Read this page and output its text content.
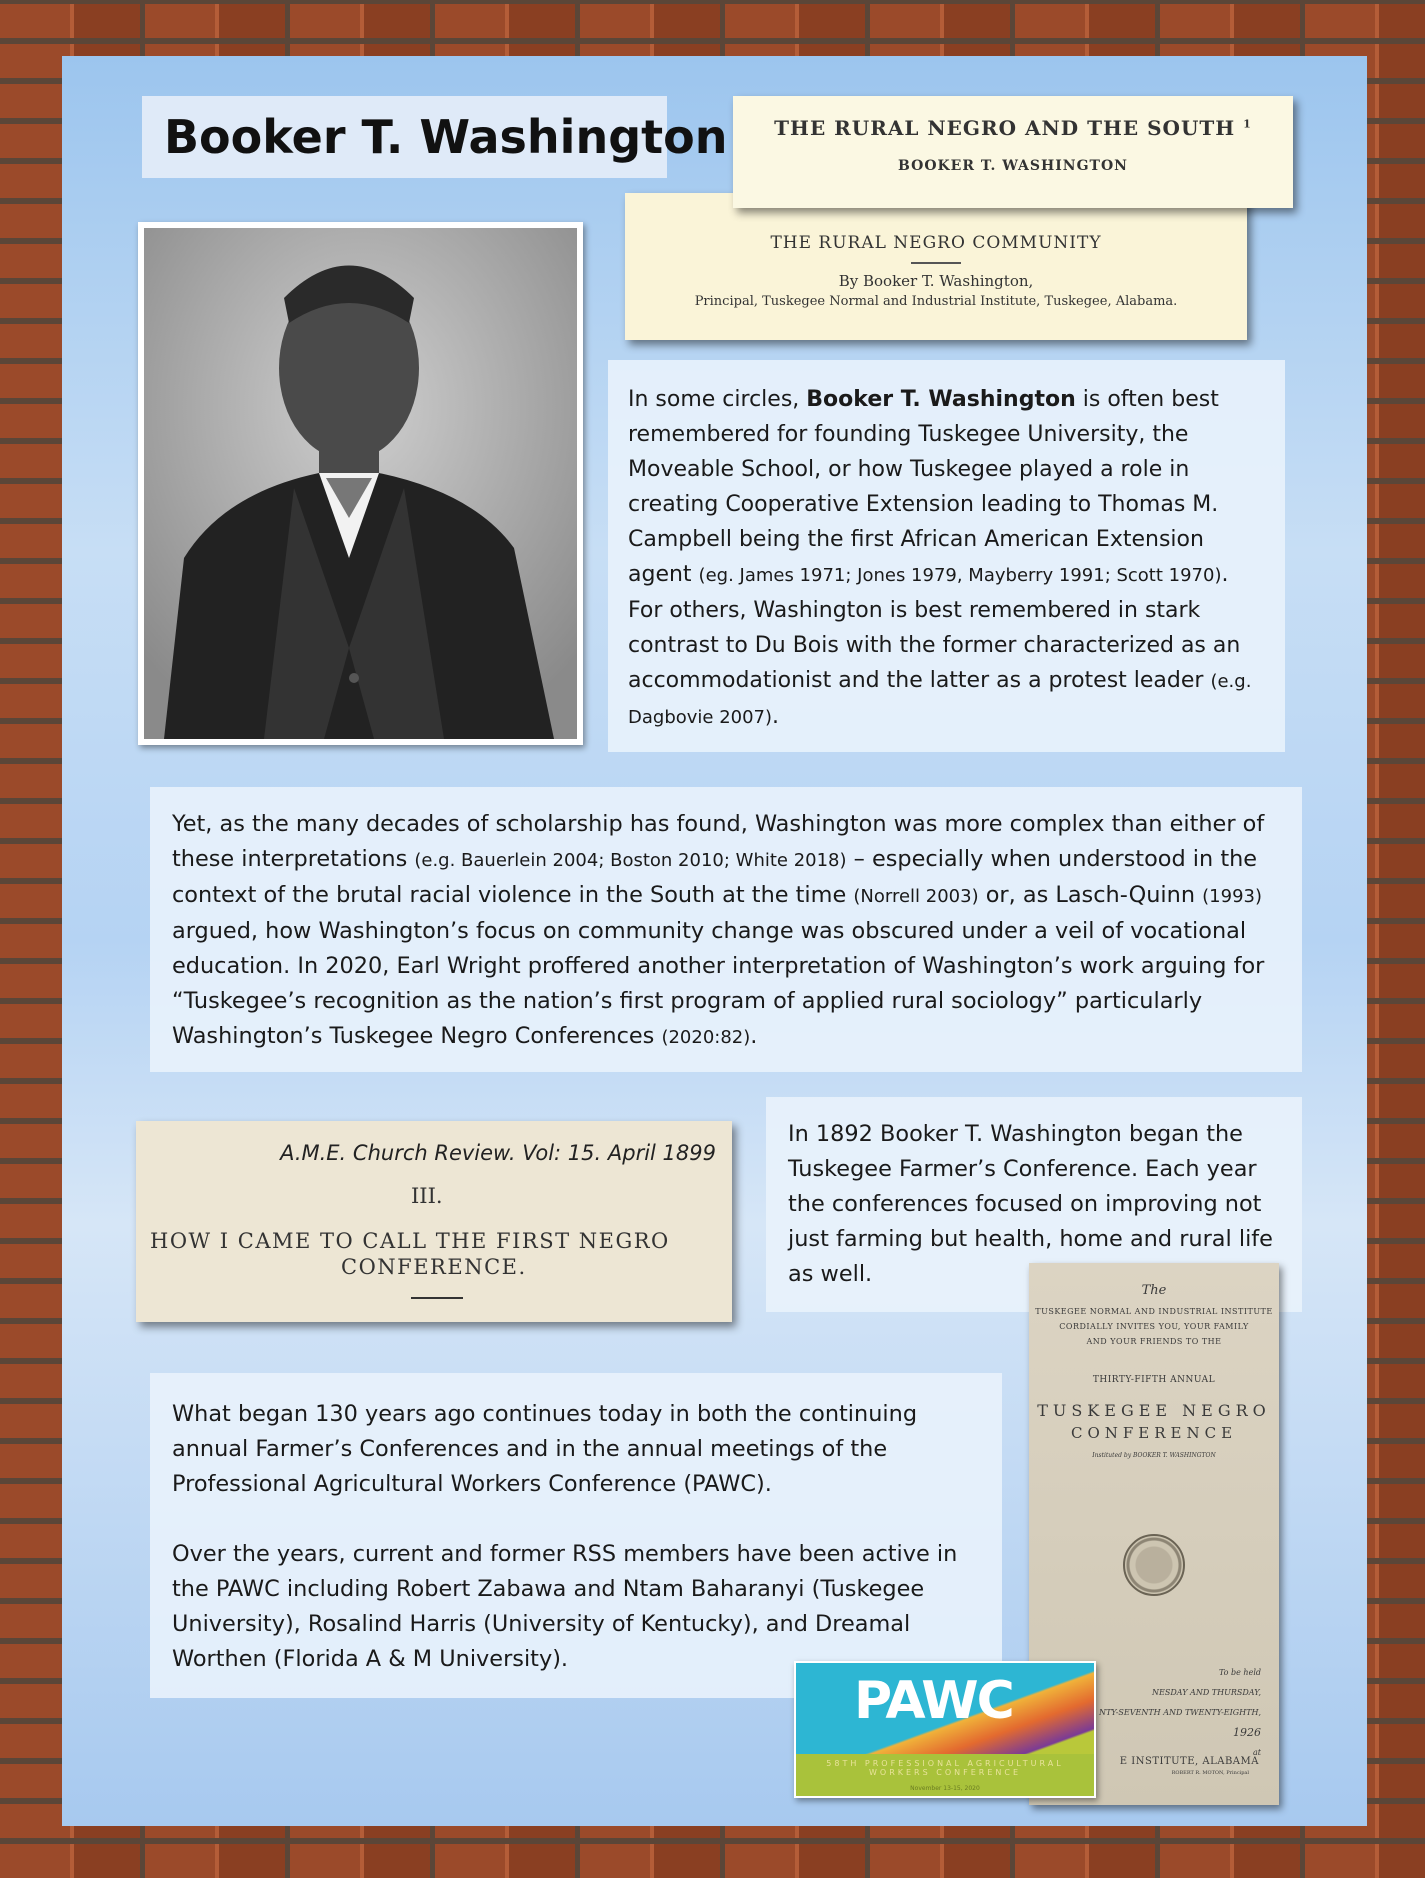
Booker T. Washington	THE RURAL NEGRO AND THE SOUTH $^1$
BOOKER T. WASHINGTON
THE RURAL NEGRO COMMUNITY
By Booker T. Washington,
Principal, Tuskegee Normal and Industrial Institute, Tuskegee, Alabama.
In some circles, Booker T. Washington is often best remembered for founding Tuskegee University, the Moveable School, or how Tuskegee played a role in creating Cooperative Extension leading to Thomas M. Campbell being the first African American Extension agent (eg. James 1971; Jones 1979, Mayberry 1991; Scott 1970). For others, Washington is best remembered in stark contrast to Du Bois with the former characterized as an accommodationist and the latter as a protest leader (e.g. Dagbovie 2007).
Yet, as the many decades of scholarship has found, Washington was more complex than either of these interpretations (e.g. Bauerlein 2004; Boston 2010; White 2018) – especially when understood in the context of the brutal racial violence in the South at the time (Norrell 2003) or, as Lasch-Quinn (1993) argued, how Washington’s focus on community change was obscured under a veil of vocational education. In 2020, Earl Wright proffered another interpretation of Washington’s work arguing for “Tuskegee’s recognition as the nation’s first program of applied rural sociology” particularly Washington’s Tuskegee Negro Conferences (2020:82).
A.M.E. Church Review. Vol: 15. April 1899
III.
HOW I CAME TO CALL THE FIRST NEGRO
CONFERENCE.
In 1892 Booker T. Washington began the Tuskegee Farmer’s Conference. Each year the conferences focused on improving not just farming but health, home and rural life as well.
What began 130 years ago continues today in both the continuing annual Farmer’s Conferences and in the annual meetings of the Professional Agricultural Workers Conference (PAWC).
Over the years, current and former RSS members have been active in the PAWC including Robert Zabawa and Ntam Baharanyi (Tuskegee University), Rosalind Harris (University of Kentucky), and Dreamal Worthen (Florida A & M University).
The
TUSKEGEE NORMAL AND INDUSTRIAL INSTITUTE
CORDIALLY INVITES YOU, YOUR FAMILY
AND YOUR FRIENDS TO THE
THIRTY-FIFTH ANNUAL
TUSKEGEE NEGRO
CONFERENCE
Instituted by BOOKER T. WASHINGTON
To be held
NESDAY AND THURSDAY,
NTY-SEVENTH AND TWENTY-EIGHTH,
1926
at
E INSTITUTE, ALABAMA
ROBERT R. MOTON, Principal
PAWC
58TH PROFESSIONAL AGRICULTURAL
WORKERS CONFERENCE
November 13-15, 2020
